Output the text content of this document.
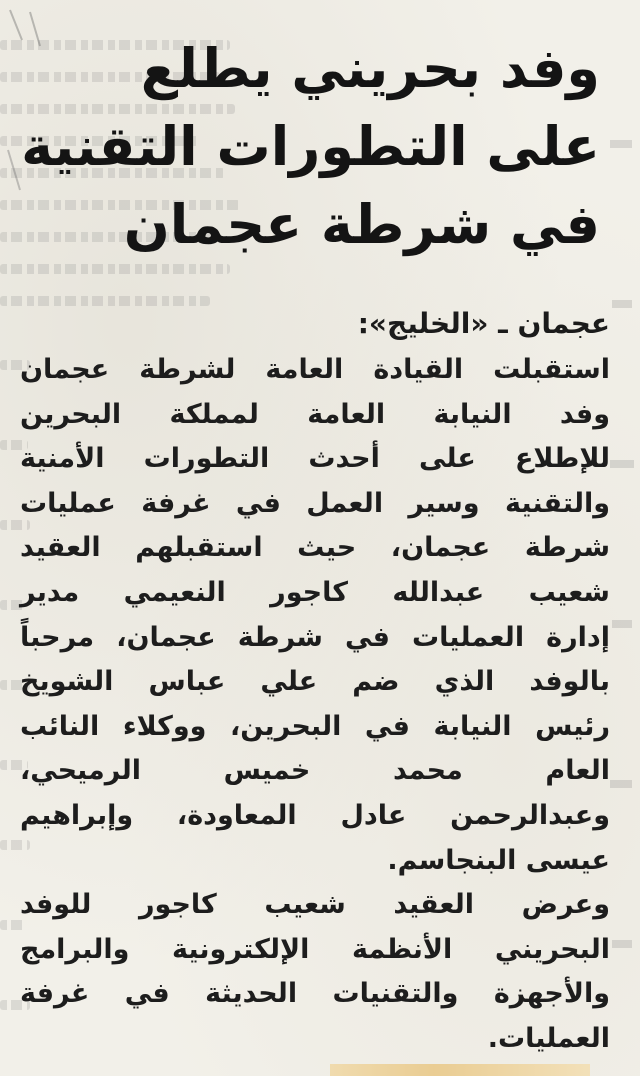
وفد بحريني يطلع
على التطورات التقنية
في شرطة عجمان
عجمان ـ «الخليج»:

استقبلت القيادة العامة لشرطة عجمان
وفد النيابة العامة لمملكة البحرين
للإطلاع على أحدث التطورات الأمنية
والتقنية وسير العمل في غرفة عمليات
شرطة عجمان، حيث استقبلهم العقيد
شعيب عبدالله كاجور النعيمي مدير
إدارة العمليات في شرطة عجمان، مرحباً
بالوفد الذي ضم علي عباس الشويخ
رئيس النيابة في البحرين، ووكلاء النائب
العام محمد خميس الرميحي،
وعبدالرحمن عادل المعاودة، وإبراهيم
عيسى البنجاسم.

وعرض العقيد شعيب كاجور للوفد
البحريني الأنظمة الإلكترونية والبرامج
والأجهزة والتقنيات الحديثة في غرفة
العمليات.
